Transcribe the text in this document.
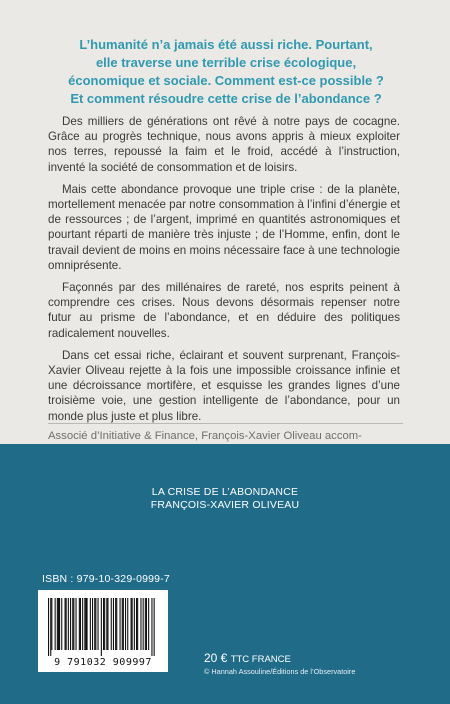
L’humanité n’a jamais été aussi riche. Pourtant,
elle traverse une terrible crise écologique,
économique et sociale. Comment est-ce possible ?
Et comment résoudre cette crise de l’abondance ?

Des milliers de générations ont rêvé à notre pays de cocagne. Grâce au progrès technique, nous avons appris à mieux exploiter nos terres, repoussé la faim et le froid, accédé à l’instruction, inventé la société de consommation et de loisirs.

Mais cette abondance provoque une triple crise : de la planète, mortellement menacée par notre consommation à l’infini d’énergie et de ressources ; de l’argent, imprimé en quantités astronomiques et pourtant réparti de manière très injuste ; de l’Homme, enfin, dont le travail devient de moins en moins nécessaire face à une technologie omniprésente.

Façonnés par des millénaires de rareté, nos esprits peinent à comprendre ces crises. Nous devons désormais repenser notre futur au prisme de l’abondance, et en déduire des politiques radicalement nouvelles.

Dans cet essai riche, éclairant et souvent surprenant, François-Xavier Oliveau rejette à la fois une impossible croissance infinie et une décroissance mortifère, et esquisse les grandes lignes d’une troisième voie, une gestion intelligente de l’abondance, pour un monde plus juste et plus libre.

Associé d’Initiative & Finance, François-Xavier Oliveau accom-
LA CRISE DE L’ABONDANCE
FRANÇOIS-XAVIER OLIVEAU
ISBN : 979-10-329-0999-7
9 791032 909997	20 € TTC FRANCE
© Hannah Assouline/Éditions de l’Observatoire
